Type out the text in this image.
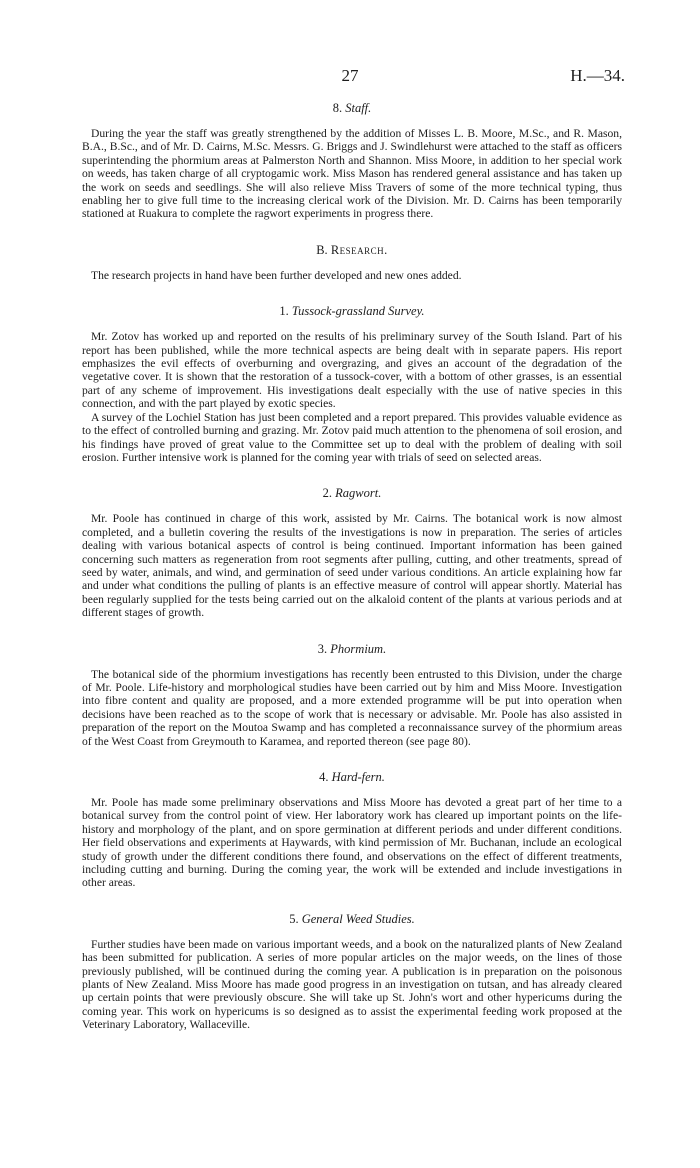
27	H.—34.
8. Staff.

During the year the staff was greatly strengthened by the addition of Misses L. B. Moore, M.Sc., and R. Mason, B.A., B.Sc., and of Mr. D. Cairns, M.Sc. Messrs. G. Briggs and J. Swindlehurst were attached to the staff as officers superintending the phormium areas at Palmerston North and Shannon. Miss Moore, in addition to her special work on weeds, has taken charge of all cryptogamic work. Miss Mason has rendered general assistance and has taken up the work on seeds and seedlings. She will also relieve Miss Travers of some of the more technical typing, thus enabling her to give full time to the increasing clerical work of the Division. Mr. D. Cairns has been temporarily stationed at Ruakura to complete the ragwort experiments in progress there.

B. Research.

The research projects in hand have been further developed and new ones added.

1. Tussock-grassland Survey.

Mr. Zotov has worked up and reported on the results of his preliminary survey of the South Island. Part of his report has been published, while the more technical aspects are being dealt with in separate papers. His report emphasizes the evil effects of overburning and overgrazing, and gives an account of the degradation of the vegetative cover. It is shown that the restoration of a tussock-cover, with a bottom of other grasses, is an essential part of any scheme of improvement. His investigations dealt especially with the use of native species in this connection, and with the part played by exotic species.

A survey of the Lochiel Station has just been completed and a report prepared. This provides valuable evidence as to the effect of controlled burning and grazing. Mr. Zotov paid much attention to the phenomena of soil erosion, and his findings have proved of great value to the Committee set up to deal with the problem of dealing with soil erosion. Further intensive work is planned for the coming year with trials of seed on selected areas.

2. Ragwort.

Mr. Poole has continued in charge of this work, assisted by Mr. Cairns. The botanical work is now almost completed, and a bulletin covering the results of the investigations is now in preparation. The series of articles dealing with various botanical aspects of control is being continued. Important information has been gained concerning such matters as regeneration from root segments after pulling, cutting, and other treatments, spread of seed by water, animals, and wind, and germination of seed under various conditions. An article explaining how far and under what conditions the pulling of plants is an effective measure of control will appear shortly. Material has been regularly supplied for the tests being carried out on the alkaloid content of the plants at various periods and at different stages of growth.

3. Phormium.

The botanical side of the phormium investigations has recently been entrusted to this Division, under the charge of Mr. Poole. Life-history and morphological studies have been carried out by him and Miss Moore. Investigation into fibre content and quality are proposed, and a more extended programme will be put into operation when decisions have been reached as to the scope of work that is necessary or advisable. Mr. Poole has also assisted in preparation of the report on the Moutoa Swamp and has completed a reconnaissance survey of the phormium areas of the West Coast from Greymouth to Karamea, and reported thereon (see page 80).

4. Hard-fern.

Mr. Poole has made some preliminary observations and Miss Moore has devoted a great part of her time to a botanical survey from the control point of view. Her laboratory work has cleared up important points on the life-history and morphology of the plant, and on spore germination at different periods and under different conditions. Her field observations and experiments at Haywards, with kind permission of Mr. Buchanan, include an ecological study of growth under the different conditions there found, and observations on the effect of different treatments, including cutting and burning. During the coming year, the work will be extended and include investigations in other areas.

5. General Weed Studies.

Further studies have been made on various important weeds, and a book on the naturalized plants of New Zealand has been submitted for publication. A series of more popular articles on the major weeds, on the lines of those previously published, will be continued during the coming year. A publication is in preparation on the poisonous plants of New Zealand. Miss Moore has made good progress in an investigation on tutsan, and has already cleared up certain points that were previously obscure. She will take up St. John's wort and other hypericums during the coming year. This work on hypericums is so designed as to assist the experimental feeding work proposed at the Veterinary Laboratory, Wallaceville.
